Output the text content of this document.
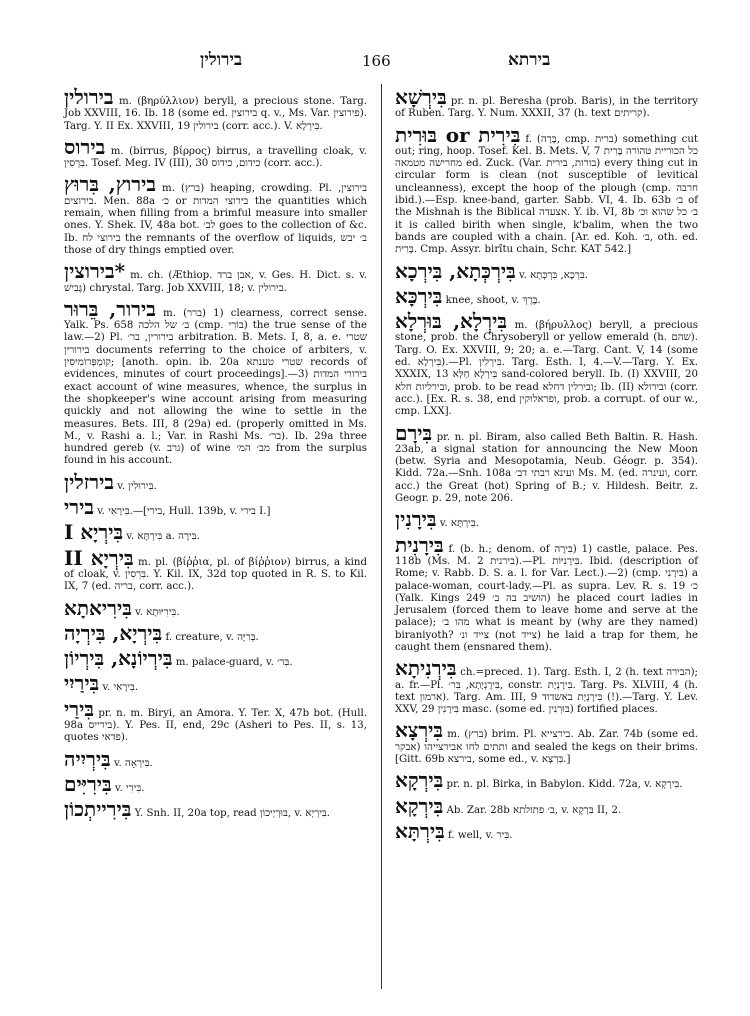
בירולין	166	בירתא
בירולין m. (βηρύλλιον) beryll, a precious stone. Targ. Job XXVIII, 16. Ib. 18 (some ed. בירוצין q. v., Ms. Var. פירוצין). Targ. Y. II Ex. XXVIII, 19 בירולין (corr. acc.). V. בִּירְלָא.
בירוס m. (birrus, βίρρος) birrus, a travelling cloak, v. בִּרְסִין. Tosef. Meg. IV (III), 30 כידום, כידוס (corr. acc.).
בירוץ, בִּרוּץ m. (ברץ) heaping, crowding. Pl. בירוצין, בירוצים. Men. 88a כ׳ or בירוצי המדות the quantities which remain, when filling from a brimful measure into smaller ones. Y. Shek. IV, 48a bot. לב׳ goes to the collection of &c. Ib. בירוצי לח the remnants of the overflow of liquids, ב׳ יבש those of dry things emptied over.
*בירוצין m. ch. (Æthiop. אבן ברד, v. Ges. H. Dict. s. v. גָּבִישׁ) chrystal. Targ. Job XXVIII, 18; v. בירולין.
בירור, בֵּרוּר m. (ברר) 1) clearness, correct sense. Yalk. Ps. 658 ב׳ של הלכה (cmp. בוֹרִי) the true sense of the law.—2) Pl. בירורין, בר׳ arbitration. B. Mets. I, 8, a. e. שטרי בירורין documents referring to the choice of arbiters, v. קוֹמְפְּרוֹמִיסִין; [anoth. opin. ib. 20a שטרי טענתא records of evidences, minutes of court proceedings].—3) בירורי המדות exact account of wine measures, whence, the surplus in the shopkeeper's wine account arising from measuring quickly and not allowing the wine to settle in the measures. Bets. III, 8 (29a) ed. (properly omitted in Ms. M., v. Rashi a. l.; Var. in Rashi Ms. בר׳). Ib. 29a three hundred gereb (v. גרב) of wine מב׳ המ׳ from the surplus found in his account.
בירזלין v. בִּירוּלִין.
בירי v. בִּירָאִי.—[בירי, Hull. 139b, v. בירי I.]
בִּירְיָא I v. בִּירְתָּא a. בִּירָה.
בִּירְיָא II m. pl. (βίῤῥια, pl. of βίῤῥιον) birrus, a kind of cloak, v. בִּרְסִין. Y. Kil. IX, 32d top quoted in R. S. to Kil. IX, 7 (ed. בריה, corr. acc.).
בִּירִיאתָא v. בִּירִיּוּתָא.
בִּירְיָא, בִּירְיָה f. creature, v. בְּרִיָּה.
בִּירְיוֹנָא, בִּירְיוֹן m. palace-guard, v. בִּר׳.
בִּירַיִי v. בִּירָאִי.
בִּירַי pr. n. m. Biryi, an Amora. Y. Ter. X, 47b bot. (Hull. 98a בירייס). Y. Pes. II, end, 29c (Asheri to Pes. II, s. 13, quotes פדאי).
בִּירְיִיה v. בִּירְאָה.
בִּירִיִּים v. בִּירִי.
בִּירִייתְכוֹן Y. Snh. II, 20a top, read בּוּרְיְיכוֹן, v. בִּירְיָא.
בִּירְשָׁא pr. n. pl. Beresha (prob. Baris), in the territory of Ruben. Targ. Y. Num. XXXII, 37 (h. text קריתים).
בִּירִית or בּוּרִית f. (בָּרָה, cmp. ברית) something cut out; ring, hoop. Tosef. Kel. B. Mets. V, 7 כל הכוריית טהורה בָּרִית מחרישה מטמאה ed. Zuck. (Var. בורות, בירית) every thing cut in circular form is clean (not susceptible of levitical uncleanness), except the hoop of the plough (cmp. חרבה ibid.).—Esp. knee-band, garter. Sabb. VI, 4. Ib. 63b ב׳ of the Mishnah is the Biblical אצעדה. Y. ib. VI, 8b ב׳ כל שהוא וכ׳ it is called birith when single, k'balim, when the two bands are coupled with a chain. [Ar. ed. Koh. ב׳, oth. ed. בָּרִית. Cmp. Assyr. birîtu chain, Schr. KAT 542.]
בִּירְכְּתָא, בִּירְכָא v. בִּרְכָא, בִּרְכְּתָא.
בִּירְכָּא knee, shoot, v. בֶּרֶךְ.
בִּירְלָא, בּוּרְלָא m. (βήρυλλος) beryll, a precious stone, prob. the Chrysoberyll or yellow emerald (h. שהם). Targ. O. Ex. XXVIII, 9; 20; a. e.—Targ. Cant. V, 14 (some ed. בִּירְלָא).—Pl. בִּירְלִין. Targ. Esth. I, 4.—V.—Targ. Y. Ex. XXXIX, 13 בִּירְלָא חַלָּא sand-colored beryll. Ib. (I) XXVIII, 20 ובירליות חלא, prob. to be read ובירלין דחלא; Ib. (II) ובירולא (corr. acc.). [Ex. R. s. 38, end ופראלוקין, prob. a corrupt. of our w., cmp. LXX].
בִּירָם pr. n. pl. Biram, also called Beth Baltin. R. Hash. 23ab, a signal station for announcing the New Moon (betw. Syria and Mesopotamia, Neub. Géogr. p. 354). Kidd. 72a.—Snh. 108a ועינא רבתי דב׳ Ms. M. (ed. ועינרה, corr. acc.) the Great (hot) Spring of B.; v. Hildesh. Beitr. z. Geogr. p. 29, note 206.
בִּירָנִין v. בִּירְתָּא.
בִּירָנִית f. (b. h.; denom. of בִּירָה) 1) castle, palace. Pes. 118b (Ms. M. 2 בירנית).—Pl. בִּירָנִיּוֹת. Ibid. (description of Rome; v. Rabb. D. S. a. l. for Var. Lect.).—2) (cmp. בִּירָנִי) a palace-woman, court-lady.—Pl. as supra. Lev. R. s. 19 כ׳ (Yalk. Kings 249 הושיב בה ב׳) he placed court ladies in Jerusalem (forced them to leave home and serve at the palace); מהו ב׳ what is meant by (why are they named) biraniyoth? צייד ונ׳ (not צייד) he laid a trap for them, he caught them (ensnared them).
בִּירְנִיתָא ch.=preced. 1). Targ. Esth. I, 2 (h. text הבירה); a. fr.—Pl. בִּירָנְיָתָא, בִּר׳, constr. בִּירָנְיָת. Targ. Ps. XLVIII, 4 (h. text ארמון). Targ. Am. III, 9 בִּירָנְיָת באשדוד (!).—Targ. Y. Lev. XXV, 29 בִּירָנִין masc. (some ed. בּוּרְנִין) fortified places.
בִּירְצָא m. (ברץ) brim. Pl. בירצייא. Ab. Zar. 74b (some ed. אבקר) ותתים לחו אבירצייהו and sealed the kegs on their brims. [Gitt. 69b בירצא, some ed., v. בִּרְצָא.]
בִּירְקָא pr. n. pl. Birka, in Babylon. Kidd. 72a, v. בִּירְקָא.
בִּירְקָא Ab. Zar. 28b ב׳ פתולתא, v. בִּרְקָא II, 2.
בִּירְתָּא f. well, v. בִּיר.
